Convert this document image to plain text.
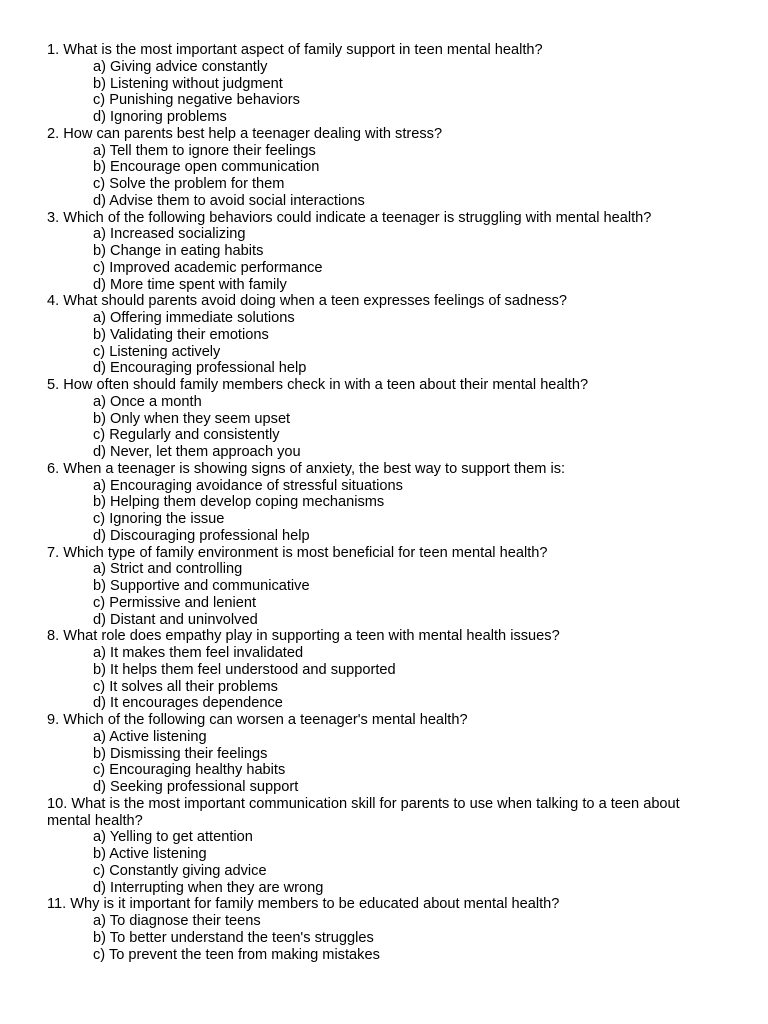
1. What is the most important aspect of family support in teen mental health?
a) Giving advice constantly
b) Listening without judgment
c) Punishing negative behaviors
d) Ignoring problems
2. How can parents best help a teenager dealing with stress?
a) Tell them to ignore their feelings
b) Encourage open communication
c) Solve the problem for them
d) Advise them to avoid social interactions
3. Which of the following behaviors could indicate a teenager is struggling with mental health?
a) Increased socializing
b) Change in eating habits
c) Improved academic performance
d) More time spent with family
4. What should parents avoid doing when a teen expresses feelings of sadness?
a) Offering immediate solutions
b) Validating their emotions
c) Listening actively
d) Encouraging professional help
5. How often should family members check in with a teen about their mental health?
a) Once a month
b) Only when they seem upset
c) Regularly and consistently
d) Never, let them approach you
6. When a teenager is showing signs of anxiety, the best way to support them is:
a) Encouraging avoidance of stressful situations
b) Helping them develop coping mechanisms
c) Ignoring the issue
d) Discouraging professional help
7. Which type of family environment is most beneficial for teen mental health?
a) Strict and controlling
b) Supportive and communicative
c) Permissive and lenient
d) Distant and uninvolved
8. What role does empathy play in supporting a teen with mental health issues?
a) It makes them feel invalidated
b) It helps them feel understood and supported
c) It solves all their problems
d) It encourages dependence
9. Which of the following can worsen a teenager's mental health?
a) Active listening
b) Dismissing their feelings
c) Encouraging healthy habits
d) Seeking professional support
10. What is the most important communication skill for parents to use when talking to a teen about mental health?
a) Yelling to get attention
b) Active listening
c) Constantly giving advice
d) Interrupting when they are wrong
11. Why is it important for family members to be educated about mental health?
a) To diagnose their teens
b) To better understand the teen's struggles
c) To prevent the teen from making mistakes
